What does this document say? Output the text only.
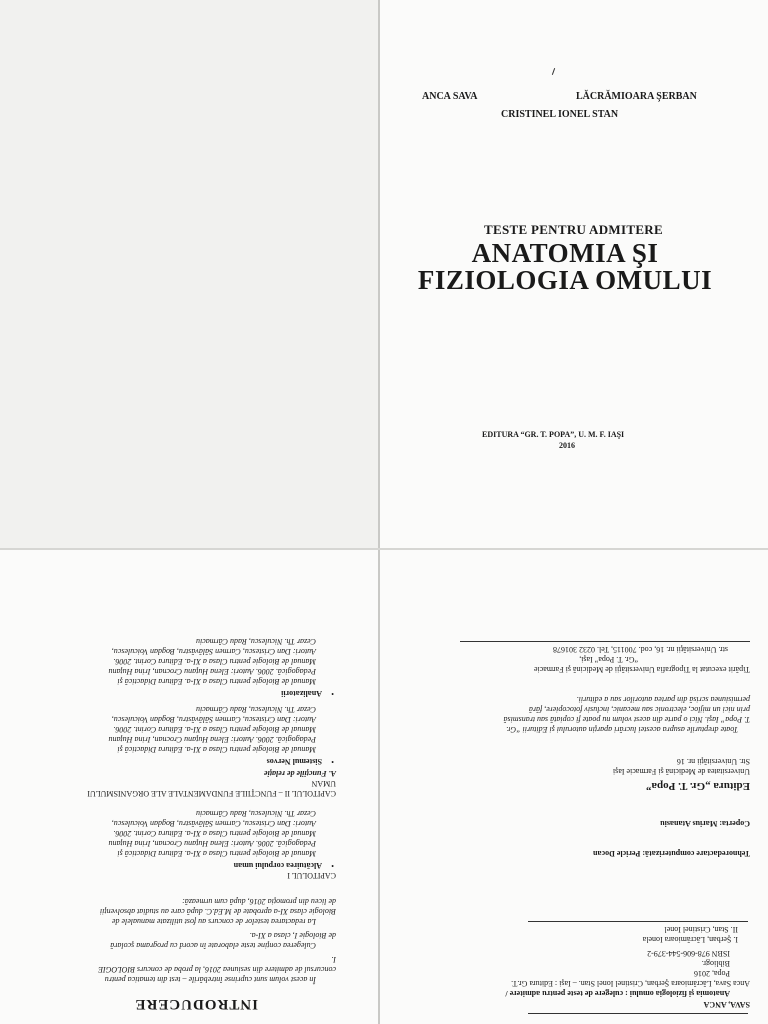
ANCA SAVA	LĂCRĂMIOARA ŞERBAN
CRISTINEL IONEL STAN
TESTE PENTRU ADMITERE
ANATOMIA ŞI
FIZIOLOGIA OMULUI
EDITURA “GR. T. POPA”, U. M. F. IAŞI
2016
SAVA, ANCA
Anatomia şi fiziologia omului : culegere de teste pentru admitere /
Anca Sava, Lăcrămioara Şerban, Cristinel Ionel Stan. – Iaşi : Editura Gr.T.
Popa, 2016
Bibliogr.
ISBN 978-606-544-379-2
I. Şerban, Lăcrămioara Ionela
II. Stan, Cristinel Ionel
Tehnoredactare computerizată: Pericle Docan
Coperta: Marius Atanasiu
Editura „Gr. T. Popa”
Universitatea de Medicină şi Farmacie Iaşi
Str. Universităţii nr. 16
Toate drepturile asupra acestei lucrări aparţin autorului şi Editurii “Gr.
T. Popa” Iaşi. Nici o parte din acest volum nu poate fi copiată sau transmisă
prin nici un mijloc, electronic sau mecanic, inclusiv fotocopiere, fără
permisiunea scrisă din partea autorilor sau a editurii.
Tipărit executat la Tipografia Universităţii de Medicină şi Farmacie
“Gr. T. Popa” Iaşi,
str. Universităţii nr. 16, cod. 700115, Tel. 0232 301678
INTRODUCERE
În acest volum sunt cuprinse întrebările – test din tematica pentru
concursul de admitere din sesiunea 2016, la proba de concurs BIOLOGIE
I.
Culegerea conţine teste elaborate în acord cu programa şcolară
de Biologie I, clasa a XI-a.
La redactarea testelor de concurs au fost utilizate manualele de
Biologie clasa XI-a aprobate de M.Ed.C. după care au studiat absolvenţii
de liceu din promoţia 2016, după cum urmează:
CAPITOLUL I
Alcătuirea corpului uman •
Manual de Biologie pentru Clasa a XI-a. Editura Didactică şi
Pedagogică. 2006. Autori: Elena Huţanu Crocnan, Irina Huţanu
Manual de Biologie pentru Clasa a XI-a. Editura Corint. 2006.
Autori: Dan Cristescu, Carmen Sălăvăstru, Bogdan Voiculescu,
Cezar Th. Niculescu, Radu Cârmaciu
CAPITOLUL II – FUNCŢIILE FUNDAMENTALE ALE ORGANISMULUI
UMAN
A. Funcţiile de relaţie
•
Sistemul Nervos
Manual de Biologie pentru Clasa a XI-a. Editura Didactică şi
Pedagogică. 2006. Autori: Elena Huţanu Crocnan, Irina Huţanu
Manual de Biologie pentru Clasa a XI-a. Editura Corint. 2006.
Autori: Dan Cristescu, Carmen Sălăvăstru, Bogdan Voiculescu,
Cezar Th. Niculescu, Radu Cârmaciu
•
Analizatorii
Manual de Biologie pentru Clasa a XI-a. Editura Didactică şi
Pedagogică. 2006. Autori: Elena Huţanu Crocnan, Irina Huţanu
Manual de Biologie pentru Clasa a XI-a. Editura Corint. 2006.
Autori: Dan Cristescu, Carmen Sălăvăstru, Bogdan Voiculescu,
Cezar Th. Niculescu, Radu Cârmaciu
